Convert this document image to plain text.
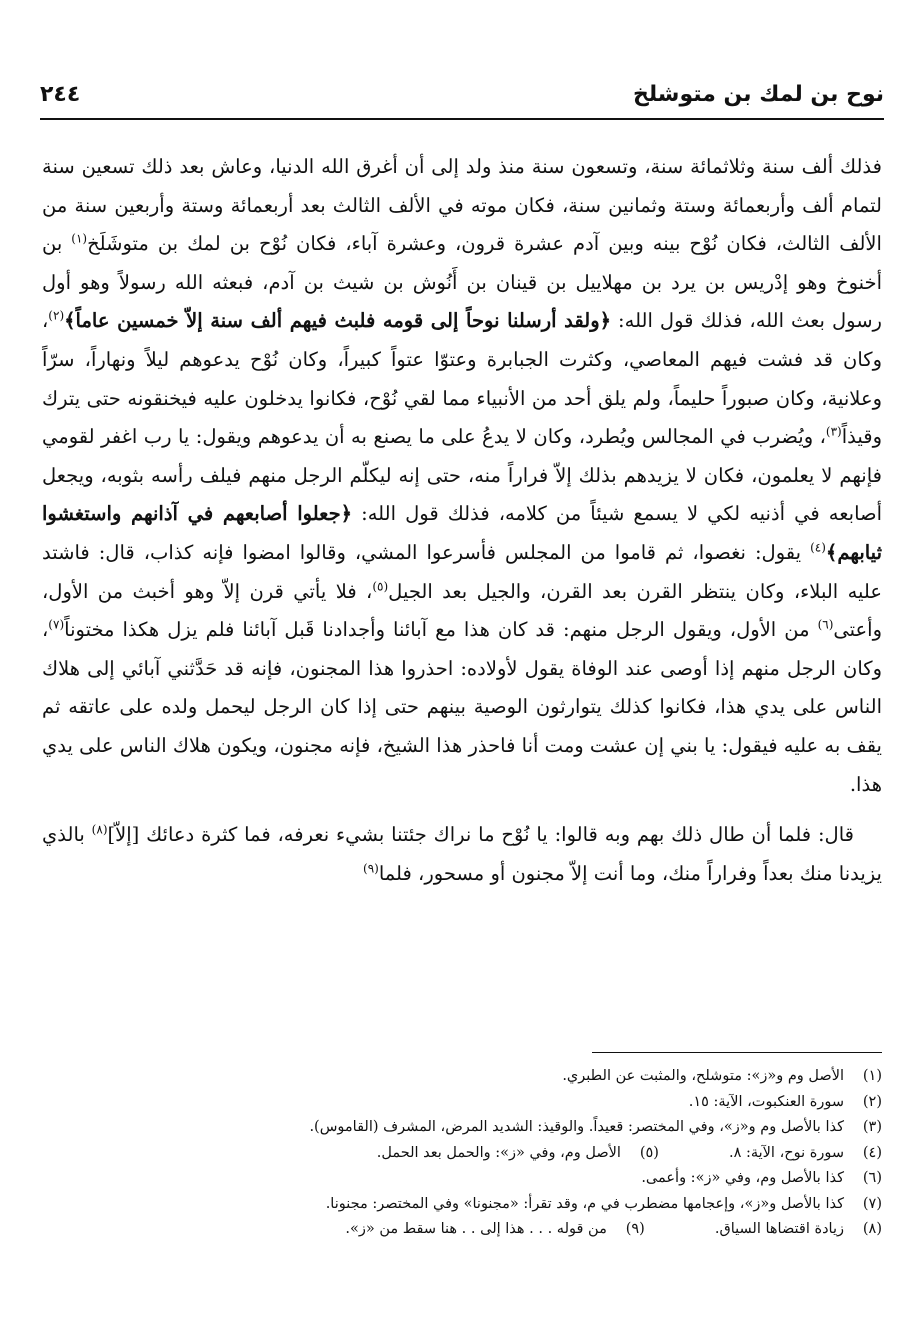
نوح بن لمك بن متوشلخ
٢٤٤

فذلك ألف سنة وثلاثمائة سنة، وتسعون سنة منذ ولد إلى أن أغرق الله الدنيا، وعاش بعد ذلك تسعين سنة لتمام ألف وأربعمائة وستة وثمانين سنة، فكان موته في الألف الثالث بعد أربعمائة وستة وأربعين سنة من الألف الثالث، فكان نُوْح بينه وبين آدم عشرة قرون، وعشرة آباء، فكان نُوْح بن لمك بن متوشَلَخ$^{(١)}$ بن أخنوخ وهو إدْريس بن يرد بن مهلاييل بن قينان بن أَنُوش بن شيث بن آدم، فبعثه الله رسولاً وهو أول رسول بعث الله، فذلك قول الله: ﴿ولقد أرسلنا نوحاً إلى قومه فلبث فيهم ألف سنة إلاّ خمسين عاماً﴾$^{(٢)}$، وكان قد فشت فيهم المعاصي، وكثرت الجبابرة وعتوّا عتواً كبيراً، وكان نُوْح يدعوهم ليلاً ونهاراً، سرّاً وعلانية، وكان صبوراً حليماً، ولم يلق أحد من الأنبياء مما لقي نُوْح، فكانوا يدخلون عليه فيخنقونه حتى يترك وقيذاً$^{(٣)}$، ويُضرب في المجالس ويُطرد، وكان لا يدعُ على ما يصنع به أن يدعوهم ويقول: يا رب اغفر لقومي فإنهم لا يعلمون، فكان لا يزيدهم بذلك إلاّ فراراً منه، حتى إنه ليكلّم الرجل منهم فيلف رأسه بثوبه، ويجعل أصابعه في أذنيه لكي لا يسمع شيئاً من كلامه، فذلك قول الله: ﴿جعلوا أصابعهم في آذانهم واستغشوا ثيابهم﴾$^{(٤)}$ يقول: نغصوا، ثم قاموا من المجلس فأسرعوا المشي، وقالوا امضوا فإنه كذاب، قال: فاشتد عليه البلاء، وكان ينتظر القرن بعد القرن، والجيل بعد الجيل$^{(٥)}$، فلا يأتي قرن إلاّ وهو أخبث من الأول، وأعتى$^{(٦)}$ من الأول، ويقول الرجل منهم: قد كان هذا مع آبائنا وأجدادنا قَبل آبائنا فلم يزل هكذا مختوناً$^{(٧)}$، وكان الرجل منهم إذا أوصى عند الوفاة يقول لأولاده: احذروا هذا المجنون، فإنه قد حَدَّثني آبائي إلى هلاك الناس على يدي هذا، فكانوا كذلك يتوارثون الوصية بينهم حتى إذا كان الرجل ليحمل ولده على عاتقه ثم يقف به عليه فيقول: يا بني إن عشت ومت أنا فاحذر هذا الشيخ، فإنه مجنون، ويكون هلاك الناس على يدي هذا.

قال: فلما أن طال ذلك بهم وبه قالوا: يا نُوْح ما نراك جئتنا بشيء نعرفه، فما كثرة دعائك [إلاّ]$^{(٨)}$ بالذي يزيدنا منك بعداً وفراراً منك، وما أنت إلاّ مجنون أو مسحور، فلما$^{(٩)}$

(١)الأصل وم و«ز»: متوشلح، والمثبت عن الطبري.
(٢)سورة العنكبوت، الآية: ١٥.
(٣)كذا بالأصل وم و«ز»، وفي المختصر: قعيداً. والوقيذ: الشديد المرض، المشرف (القاموس).
(٤)سورة نوح، الآية: ٨.(٥)الأصل وم، وفي «ز»: والحمل بعد الحمل.
(٦)كذا بالأصل وم، وفي «ز»: وأعمى.
(٧)كذا بالأصل و«ز»، وإعجامها مضطرب في م، وقد تقرأ: «مجنونا» وفي المختصر: مجنونا.
(٨)زيادة اقتضاها السياق.(٩)من قوله . . . هذا إلى . . هنا سقط من «ز».
